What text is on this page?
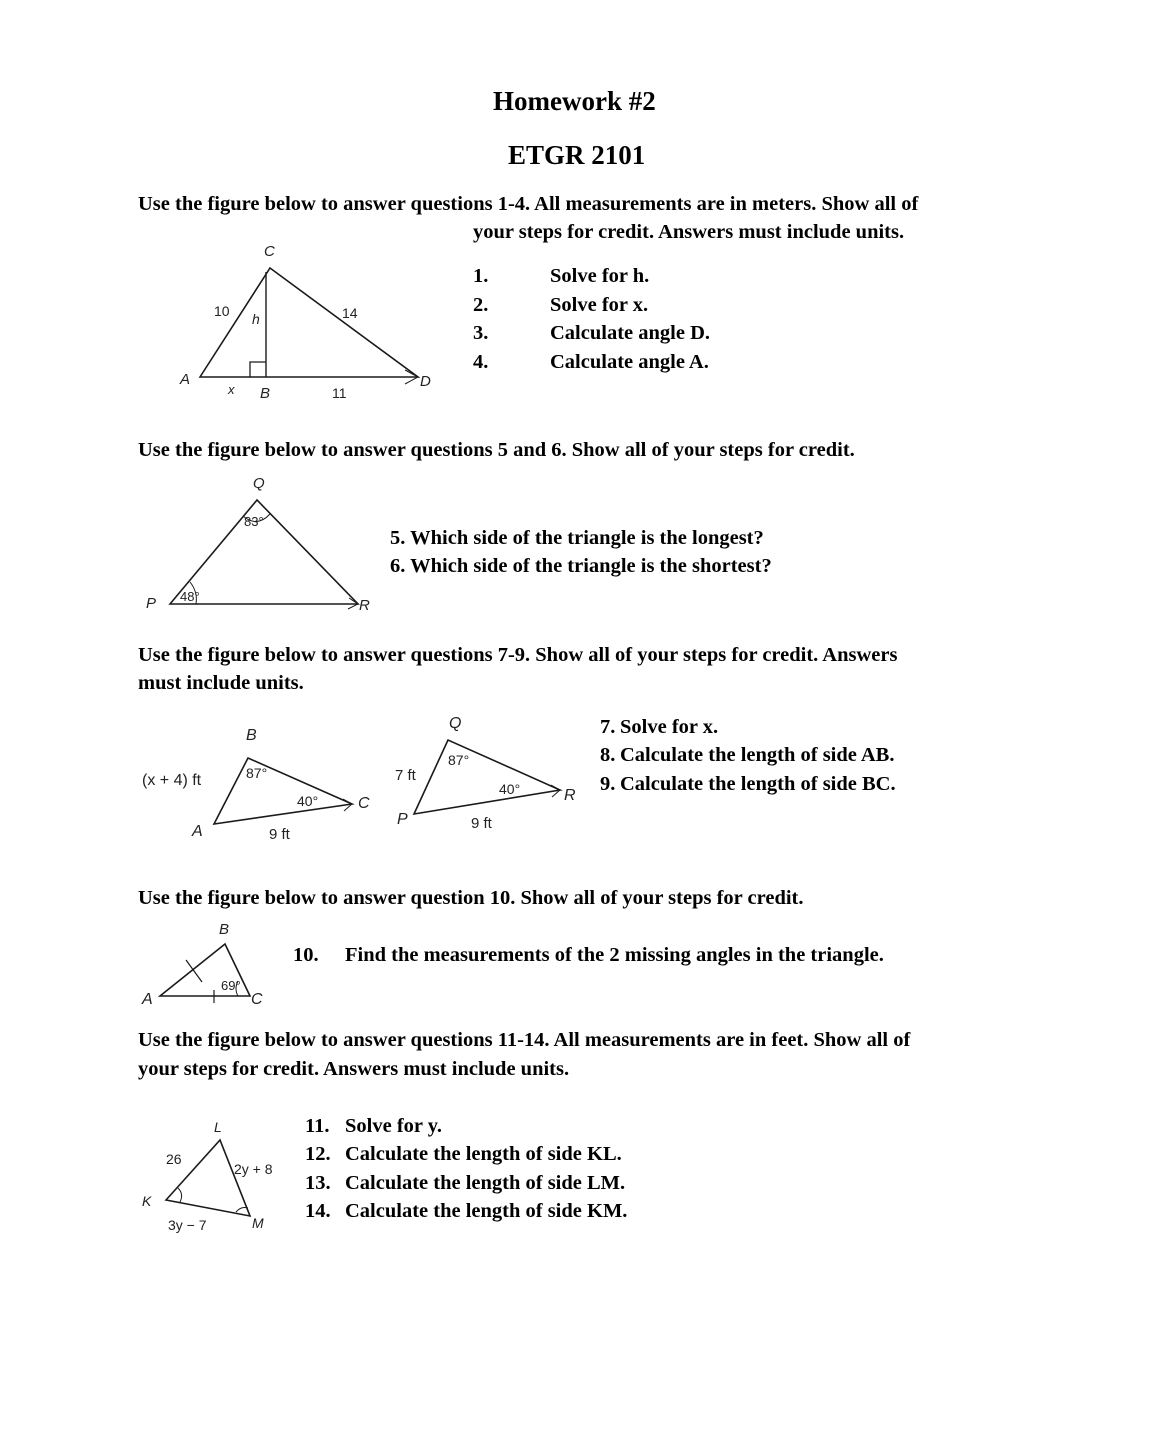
Homework #2
ETGR 2101
Use the figure below to answer questions 1-4. All measurements are in meters. Show all of
your steps for credit. Answers must include units.
C
10 h	14
A
x B	11
D
1.	Solve for h.
2.	Solve for x.
3.	Calculate angle D.
4.	Calculate angle A.
Use the figure below to answer questions 5 and 6. Show all of your steps for credit.
Q
83°
P 48°
R
5. Which side of the triangle is the longest?
6. Which side of the triangle is the shortest?
Use the figure below to answer questions 7-9. Show all of your steps for credit. Answers
must include units.
B
(x + 4) ft	87°
40° C
A	9 ft
Q
7 ft
87°
40°	R
P	9 ft
7. Solve for x.
8. Calculate the length of side AB.
9. Calculate the length of side BC.
Use the figure below to answer question 10. Show all of your steps for credit.
B
69°
A	C
10. Find the measurements of the 2 missing angles in the triangle.
Use the figure below to answer questions 11-14. All measurements are in feet. Show all of
your steps for credit. Answers must include units.
L
26
2y + 8
K
3y − 7	M
11. Solve for y.
12. Calculate the length of side KL.
13. Calculate the length of side LM.
14. Calculate the length of side KM.
